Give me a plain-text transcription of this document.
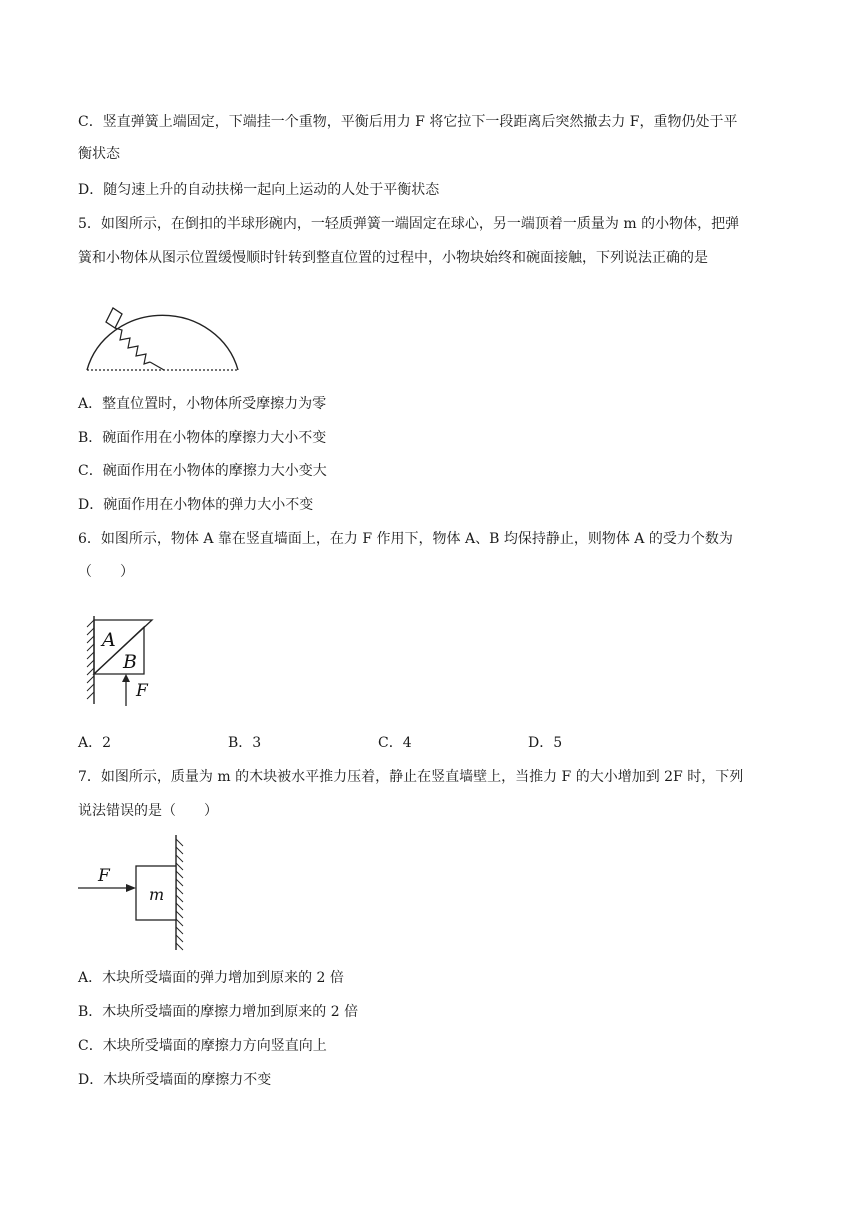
C．竖直弹簧上端固定，下端挂一个重物，平衡后用力 F 将它拉下一段距离后突然撤去力 F，重物仍处于平
衡状态
D．随匀速上升的自动扶梯一起向上运动的人处于平衡状态
5．如图所示，在倒扣的半球形碗内，一轻质弹簧一端固定在球心，另一端顶着一质量为 m 的小物体，把弹
簧和小物体从图示位置缓慢顺时针转到整直位置的过程中，小物块始终和碗面接触，下列说法正确的是
A．整直位置时，小物体所受摩擦力为零
B．碗面作用在小物体的摩擦力大小不变
C．碗面作用在小物体的摩擦力大小变大
D．碗面作用在小物体的弹力大小不变
6．如图所示，物体 A 靠在竖直墙面上，在力 F 作用下，物体 A、B 均保持静止，则物体 A 的受力个数为
（　　）
A
B
F
A．2	B．3	C．4	D．5
7．如图所示，质量为 m 的木块被水平推力压着，静止在竖直墙壁上，当推力 F 的大小增加到 2F 时，下列
说法错误的是（　　）
F
m
A．木块所受墙面的弹力增加到原来的 2 倍
B．木块所受墙面的摩擦力增加到原来的 2 倍
C．木块所受墙面的摩擦力方向竖直向上
D．木块所受墙面的摩擦力不变
